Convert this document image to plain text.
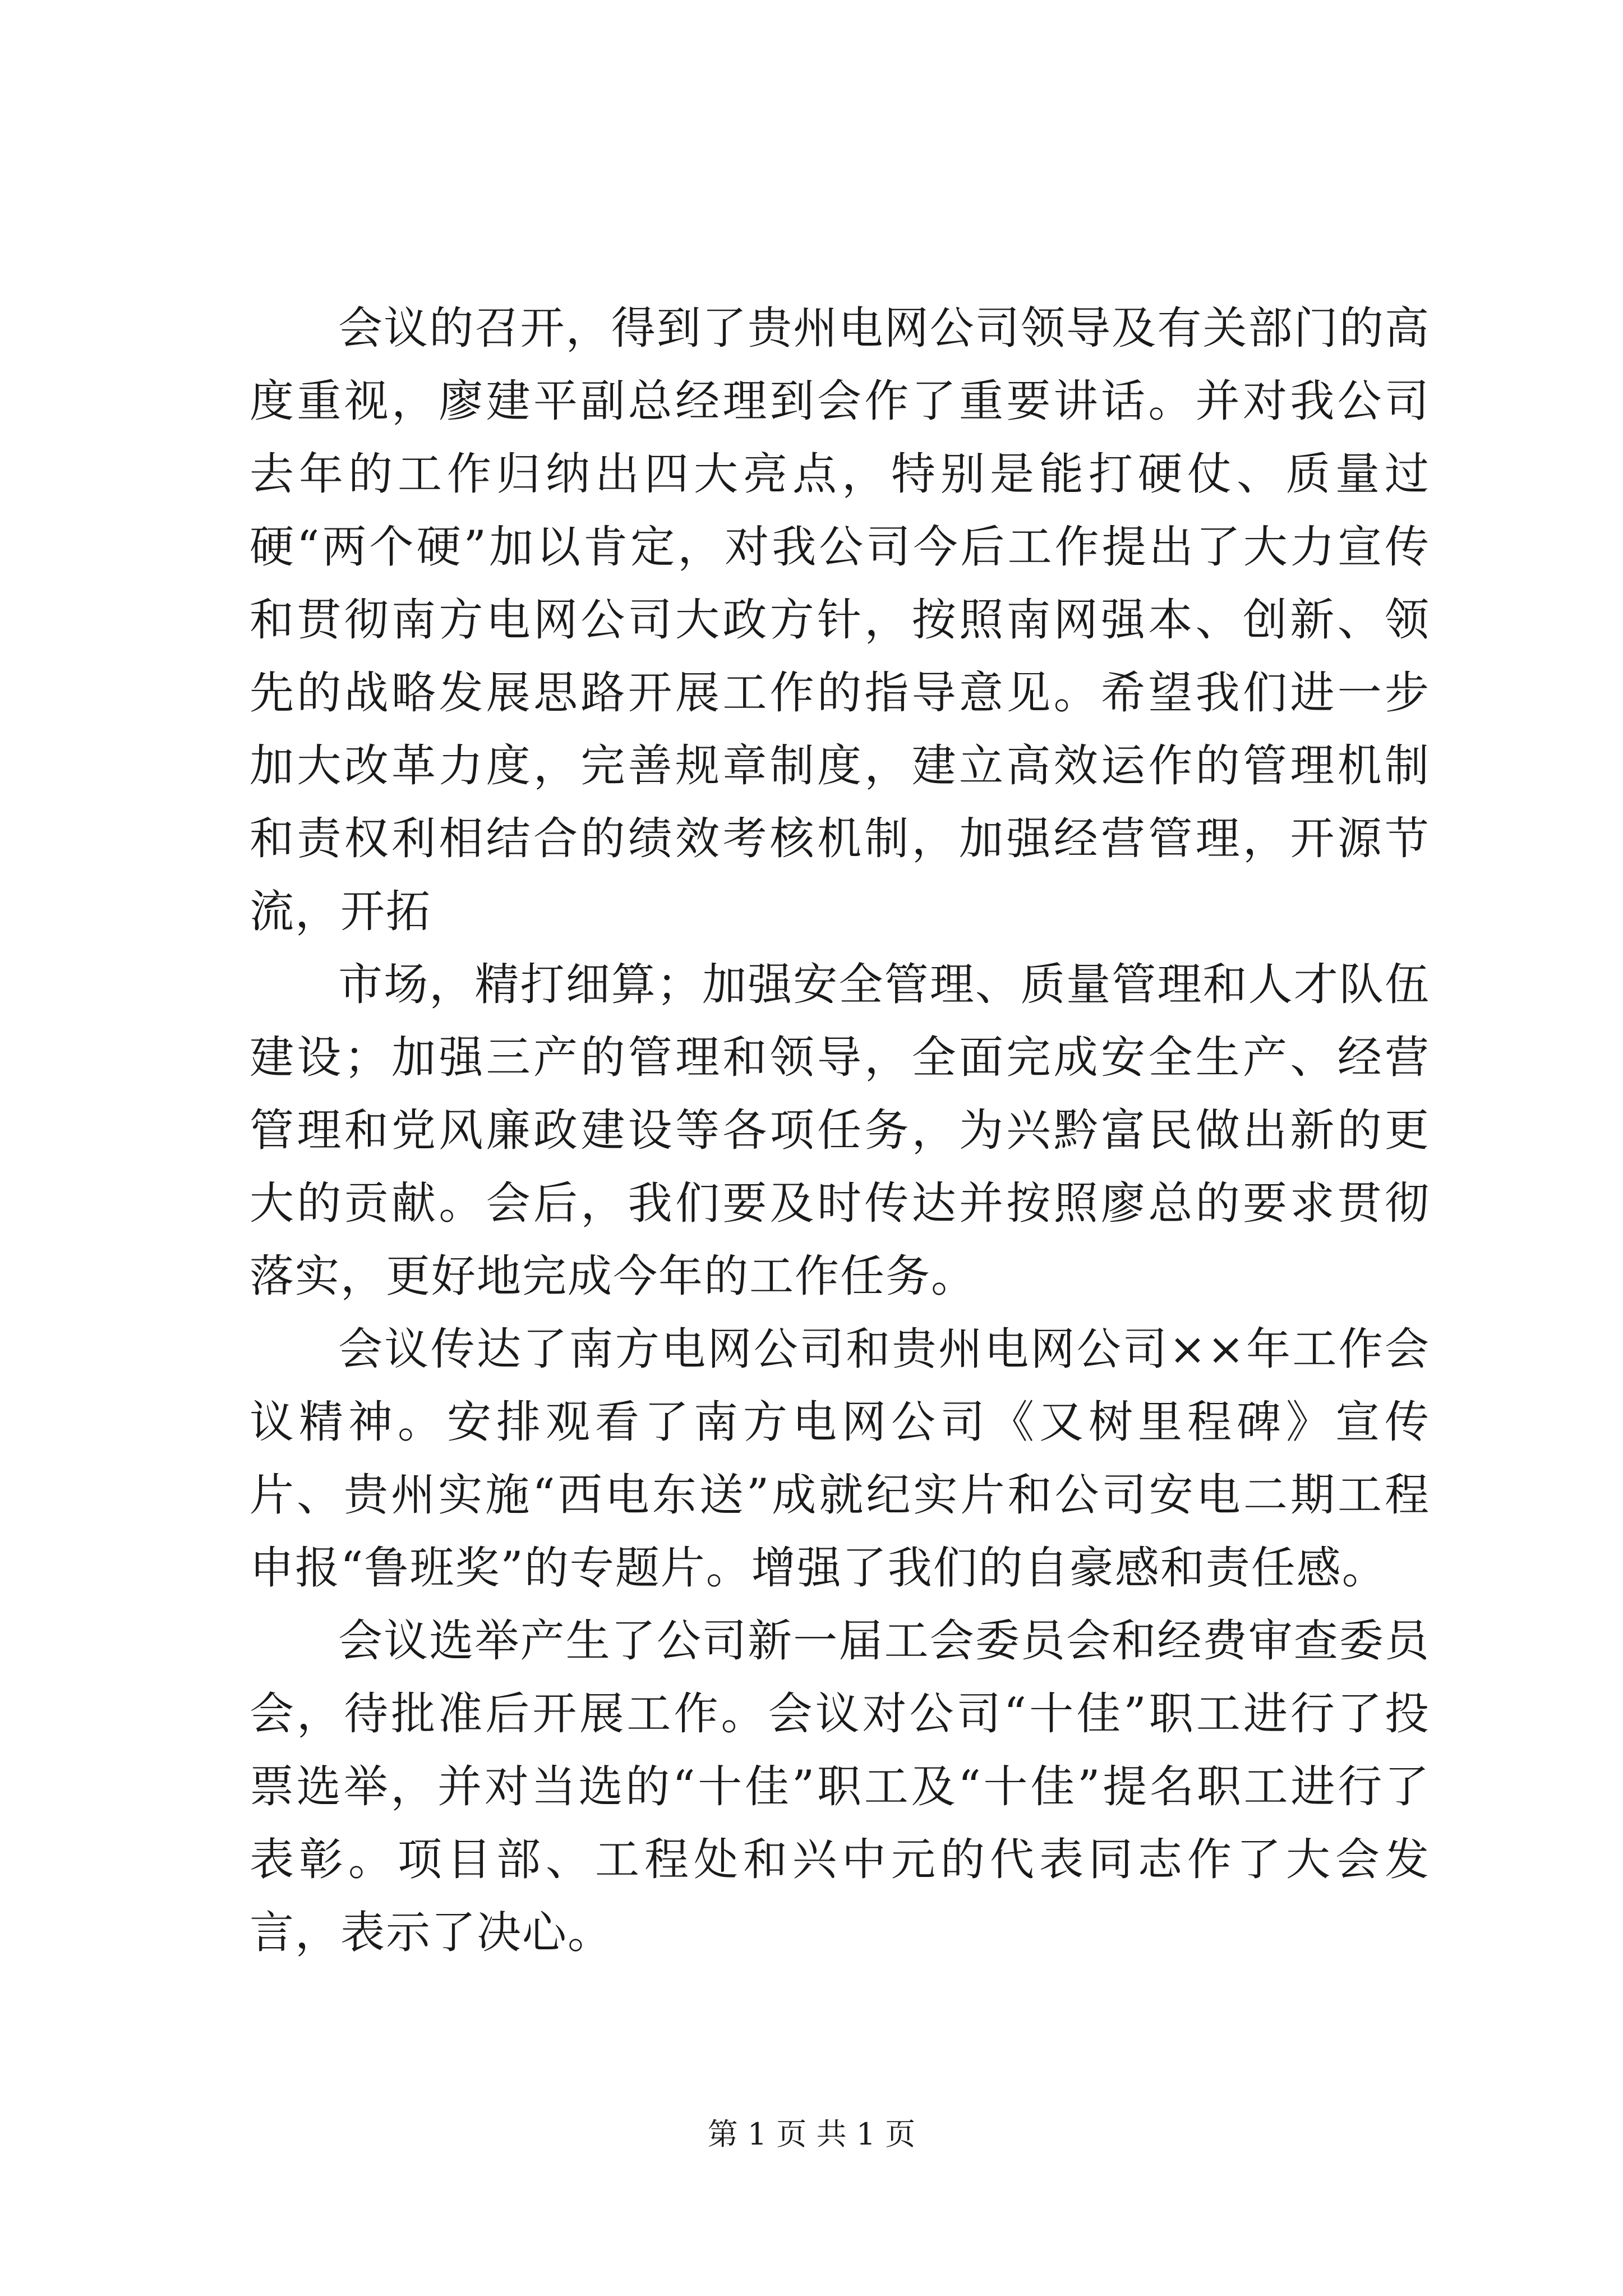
会议的召开，得到了贵州电网公司领导及有关部门的高度重视，廖建平副总经理到会作了重要讲话。并对我公司去年的工作归纳出四大亮点，特别是能打硬仗、质量过硬“两个硬”加以肯定，对我公司今后工作提出了大力宣传和贯彻南方电网公司大政方针，按照南网强本、创新、领先的战略发展思路开展工作的指导意见。希望我们进一步加大改革力度，完善规章制度，建立高效运作的管理机制和责权利相结合的绩效考核机制，加强经营管理，开源节流，开拓

市场，精打细算；加强安全管理、质量管理和人才队伍建设；加强三产的管理和领导，全面完成安全生产、经营管理和党风廉政建设等各项任务，为兴黔富民做出新的更大的贡献。会后，我们要及时传达并按照廖总的要求贯彻落实，更好地完成今年的工作任务。

会议传达了南方电网公司和贵州电网公司××年工作会议精神。安排观看了南方电网公司《又树里程碑》宣传片、贵州实施“西电东送”成就纪实片和公司安电二期工程申报“鲁班奖”的专题片。增强了我们的自豪感和责任感。

会议选举产生了公司新一届工会委员会和经费审查委员会，待批准后开展工作。会议对公司“十佳”职工进行了投票选举，并对当选的“十佳”职工及“十佳”提名职工进行了表彰。项目部、工程处和兴中元的代表同志作了大会发言，表示了决心。

第 1 页 共 1 页
